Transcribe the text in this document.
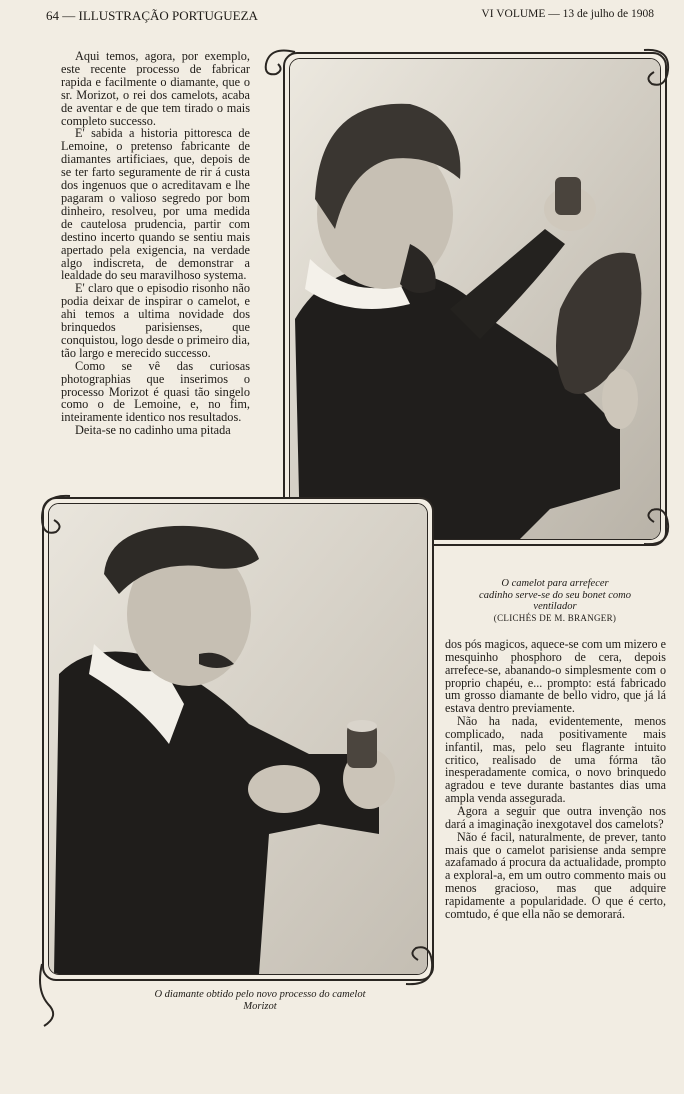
64 — ILLUSTRAÇÃO PORTUGUEZA	VI VOLUME — 13 de julho de 1908

Aqui temos, agora, por exemplo, este recente processo de fabricar rapida e facilmente o diamante, que o sr. Morizot, o rei dos camelots, acaba de aventar e de que tem tirado o mais completo successo.

E' sabida a historia pittoresca de Lemoine, o pretenso fabricante de diamantes artificiaes, que, depois de se ter farto seguramente de rir á custa dos ingenuos que o acreditavam e lhe pagaram o valioso segredo por bom dinheiro, resolveu, por uma medida de cautelosa prudencia, partir com destino incerto quando se sentiu mais apertado pela exigencia, na verdade algo indiscreta, de demonstrar a lealdade do seu maravilhoso systema.

E' claro que o episodio risonho não podia deixar de inspirar o camelot, e ahi temos a ultima novidade dos brinquedos parisienses, que conquistou, logo desde o primeiro dia, tão largo e merecido successo.

Como se vê das curiosas photographias que inserimos o processo Morizot é quasi tão singelo como o de Lemoine, e, no fim, inteiramente identico nos resultados.

Deita-se no cadinho uma pitada

O camelot para arrefecer
cadinho serve-se do seu bonet como
ventilador
(CLICHÉS DE M. BRANGER)
O diamante obtido pelo novo processo do camelot
Morizot

dos pós magicos, aquece-se com um mizero e mesquinho phosphoro de cera, depois arrefece-se, abanando-o simplesmente com o proprio chapéu, e... prompto: está fabricado um grosso diamante de bello vidro, que já lá estava dentro previamente.

Não ha nada, evidentemente, menos complicado, nada positivamente mais infantil, mas, pelo seu flagrante intuito critico, realisado de uma fórma tão inesperadamente comica, o novo brinquedo agradou e teve durante bastantes dias uma ampla venda assegurada.

Agora a seguir que outra invenção nos dará a imaginação inexgotavel dos camelots?

Não é facil, naturalmente, de prever, tanto mais que o camelot parisiense anda sempre azafamado á procura da actualidade, prompto a exploral-a, em um outro commento mais ou menos gracioso, mas que adquire rapidamente a popularidade. O que é certo, comtudo, é que ella não se demorará.
